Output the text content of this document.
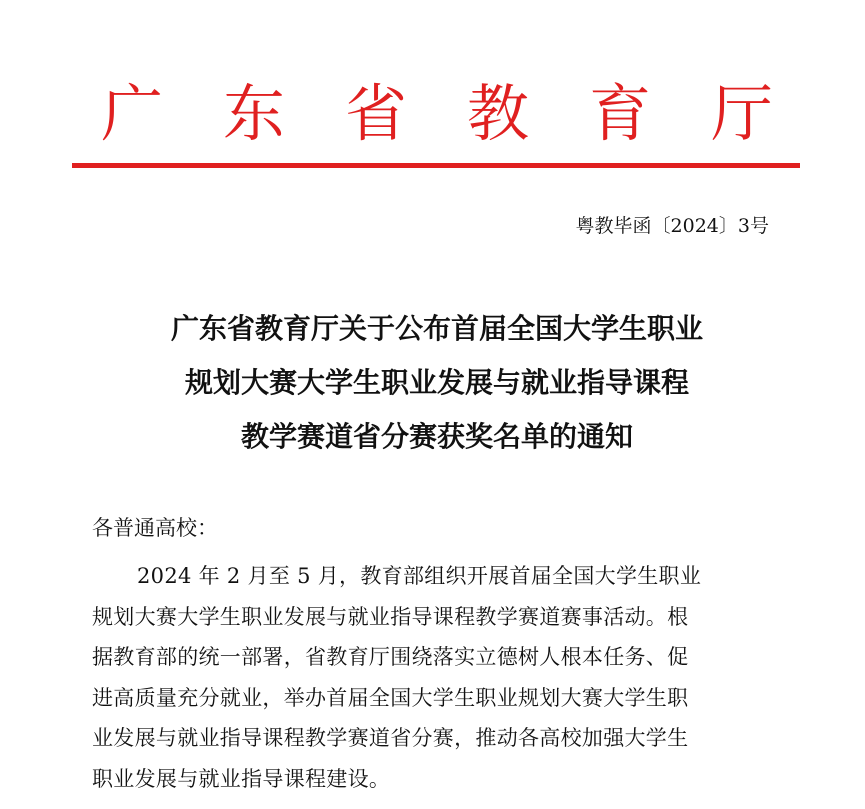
广 东 省 教 育 厅
粤教毕函〔2024〕3号
广东省教育厅关于公布首届全国大学生职业
规划大赛大学生职业发展与就业指导课程
教学赛道省分赛获奖名单的通知
各普通高校：
2024 年 2 月至 5 月，教育部组织开展首届全国大学生职业
规划大赛大学生职业发展与就业指导课程教学赛道赛事活动。根
据教育部的统一部署，省教育厅围绕落实立德树人根本任务、促
进高质量充分就业，举办首届全国大学生职业规划大赛大学生职
业发展与就业指导课程教学赛道省分赛，推动各高校加强大学生
职业发展与就业指导课程建设。
